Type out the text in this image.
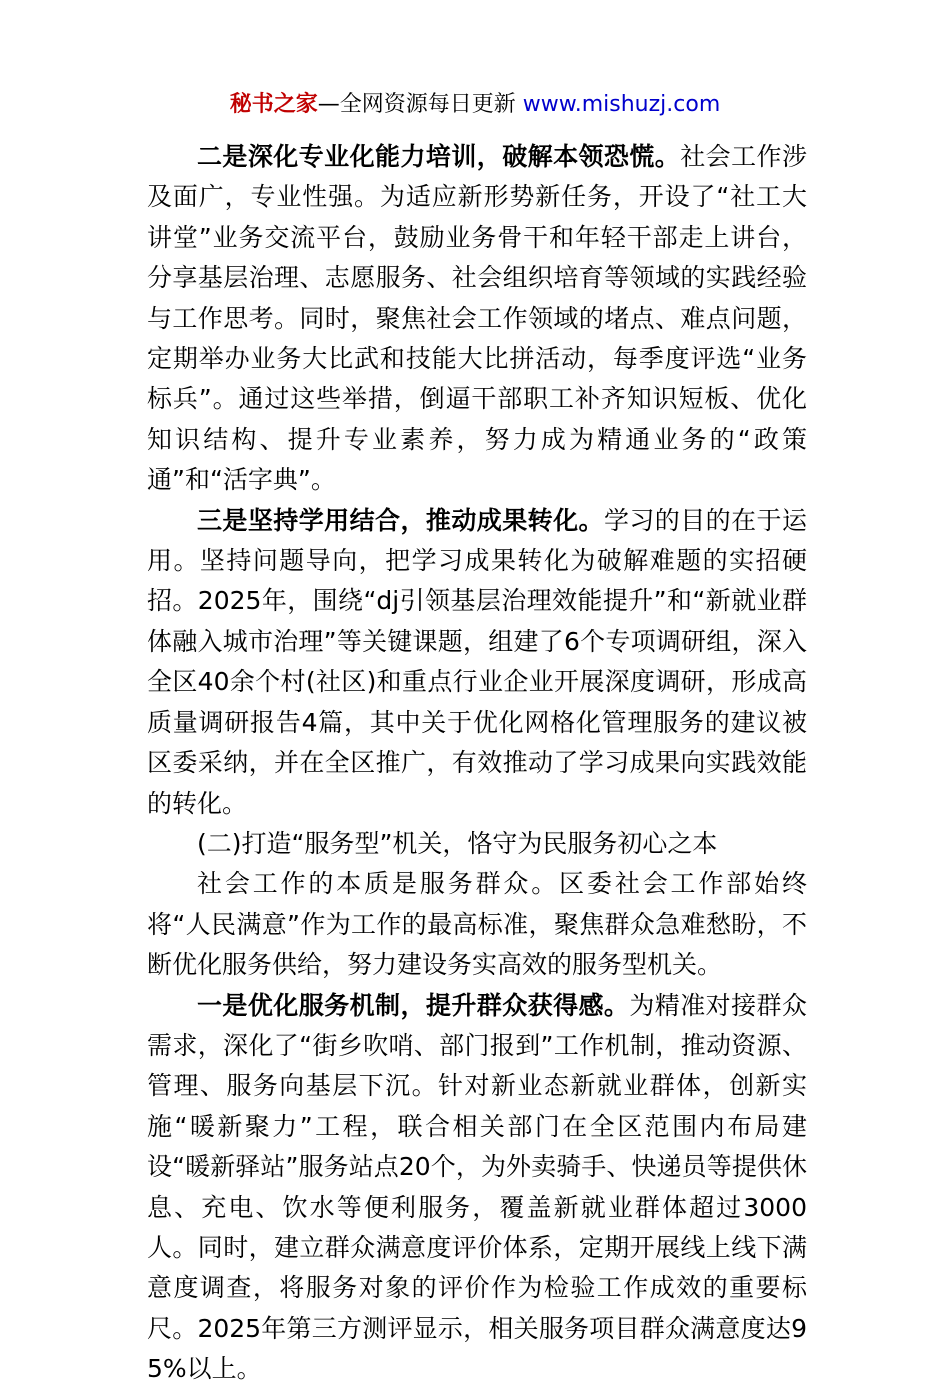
秘书之家—全网资源每日更新 www.mishuzj.com

二是深化专业化能力培训，破解本领恐慌。社会工作涉及面广，专业性强。为适应新形势新任务，开设了“社工大讲堂”业务交流平台，鼓励业务骨干和年轻干部走上讲台，分享基层治理、志愿服务、社会组织培育等领域的实践经验与工作思考。同时，聚焦社会工作领域的堵点、难点问题，定期举办业务大比武和技能大比拼活动，每季度评选“业务标兵”。通过这些举措，倒逼干部职工补齐知识短板、优化知识结构、提升专业素养，努力成为精通业务的“政策通”和“活字典”。

三是坚持学用结合，推动成果转化。学习的目的在于运用。坚持问题导向，把学习成果转化为破解难题的实招硬招。2025年，围绕“dj引领基层治理效能提升”和“新就业群体融入城市治理”等关键课题，组建了6个专项调研组，深入全区40余个村(社区)和重点行业企业开展深度调研，形成高质量调研报告4篇，其中关于优化网格化管理服务的建议被区委采纳，并在全区推广，有效推动了学习成果向实践效能的转化。

(二)打造“服务型”机关，恪守为民服务初心之本

社会工作的本质是服务群众。区委社会工作部始终将“人民满意”作为工作的最高标准，聚焦群众急难愁盼，不断优化服务供给，努力建设务实高效的服务型机关。

一是优化服务机制，提升群众获得感。为精准对接群众需求，深化了“街乡吹哨、部门报到”工作机制，推动资源、管理、服务向基层下沉。针对新业态新就业群体，创新实施“暖新聚力”工程，联合相关部门在全区范围内布局建设“暖新驿站”服务站点20个，为外卖骑手、快递员等提供休息、充电、饮水等便利服务，覆盖新就业群体超过3000人。同时，建立群众满意度评价体系，定期开展线上线下满意度调查，将服务对象的评价作为检验工作成效的重要标尺。2025年第三方测评显示，相关服务项目群众满意度达95%以上。
